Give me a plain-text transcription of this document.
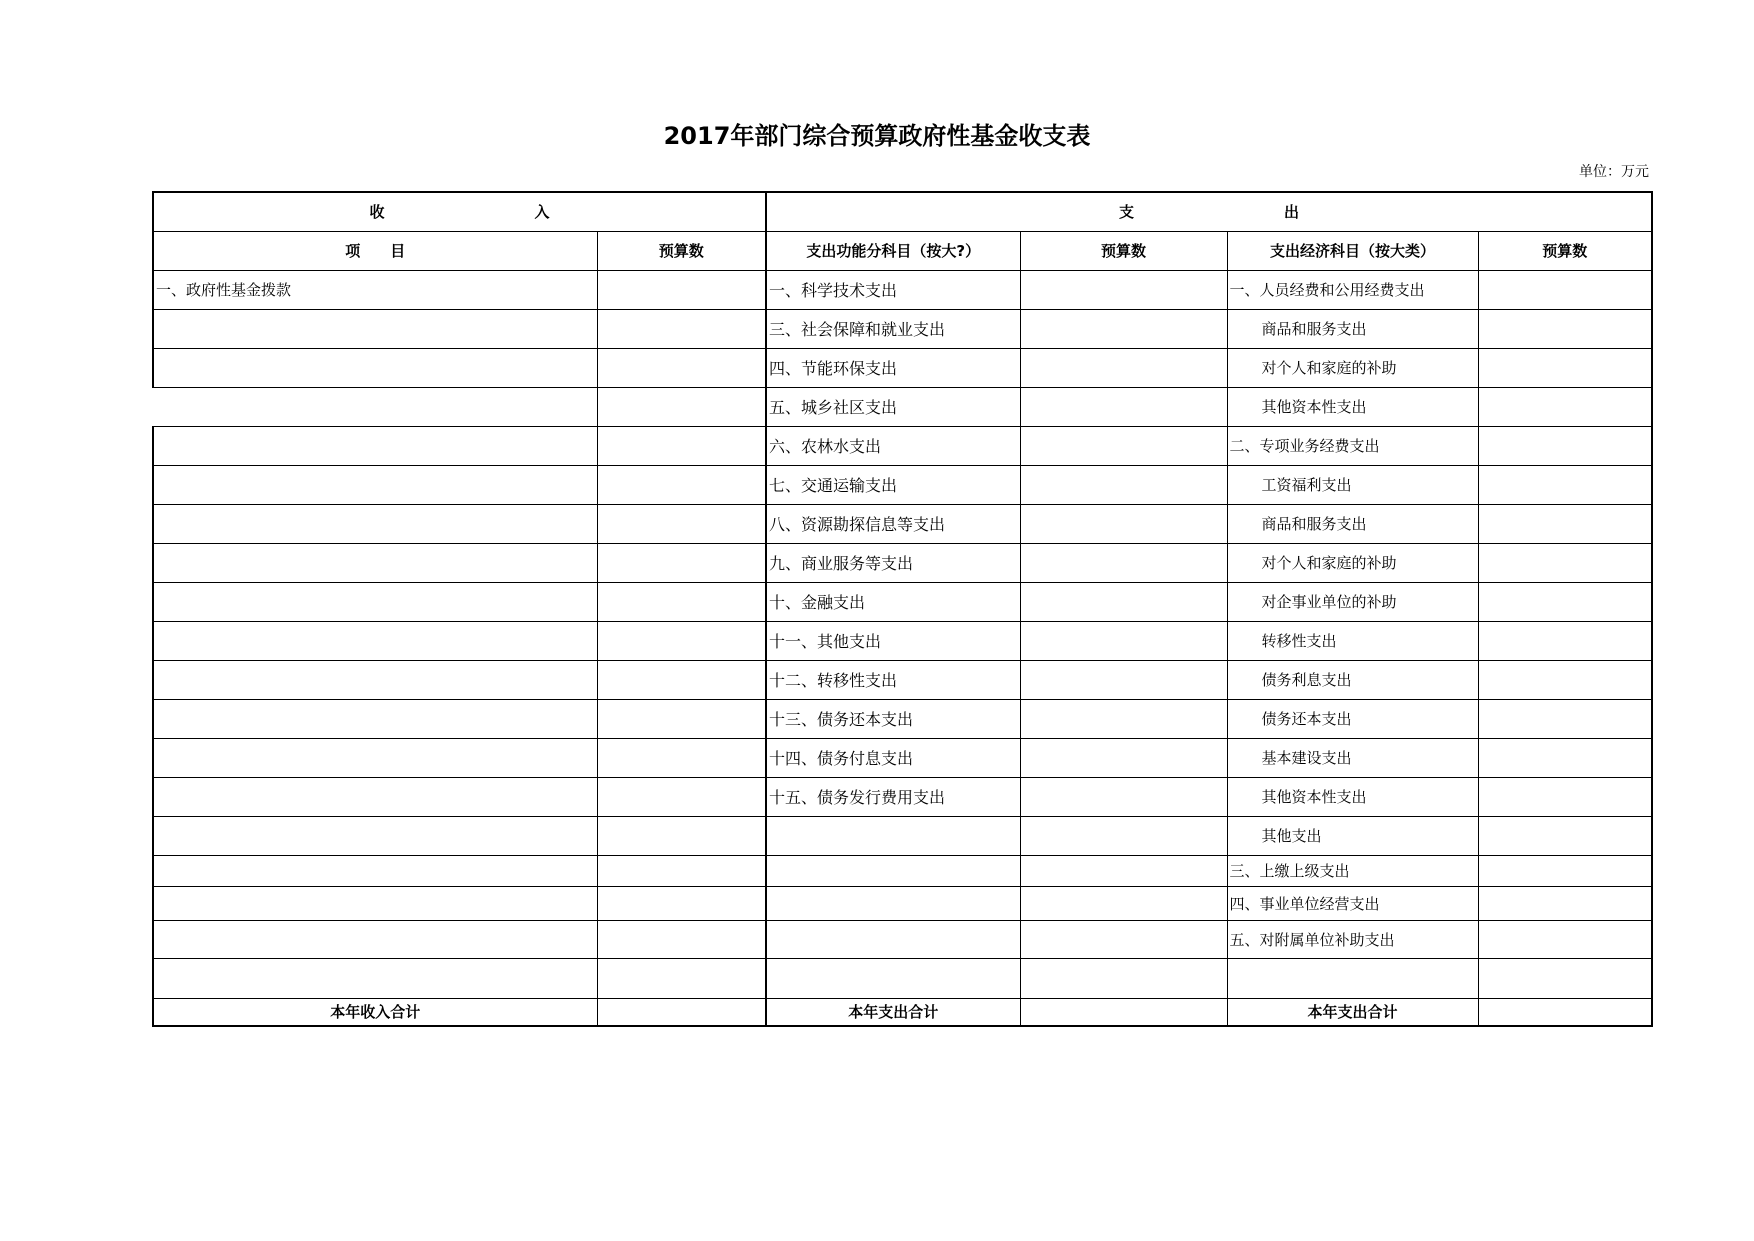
2017年部门综合预算政府性基金收支表
单位：万元
收　　　　　　　　　　入		支　　　　　　　　　　出			
项　　目	预算数	支出功能分科目（按大?）	预算数	支出经济科目（按大类）	预算数
一、政府性基金拨款		一、科学技术支出		一、人员经费和公用经费支出	
		三、社会保障和就业支出		商品和服务支出	
		四、节能环保支出		对个人和家庭的补助	
		五、城乡社区支出		其他资本性支出	
		六、农林水支出		二、专项业务经费支出	
		七、交通运输支出		工资福利支出	
		八、资源勘探信息等支出		商品和服务支出	
		九、商业服务等支出		对个人和家庭的补助	
		十、金融支出		对企事业单位的补助	
		十一、其他支出		转移性支出	
		十二、转移性支出		债务利息支出	
		十三、债务还本支出		债务还本支出	
		十四、债务付息支出		基本建设支出	
		十五、债务发行费用支出		其他资本性支出	
				其他支出	
				三、上缴上级支出	
				四、事业单位经营支出	
				五、对附属单位补助支出	

本年收入合计		本年支出合计		本年支出合计	
